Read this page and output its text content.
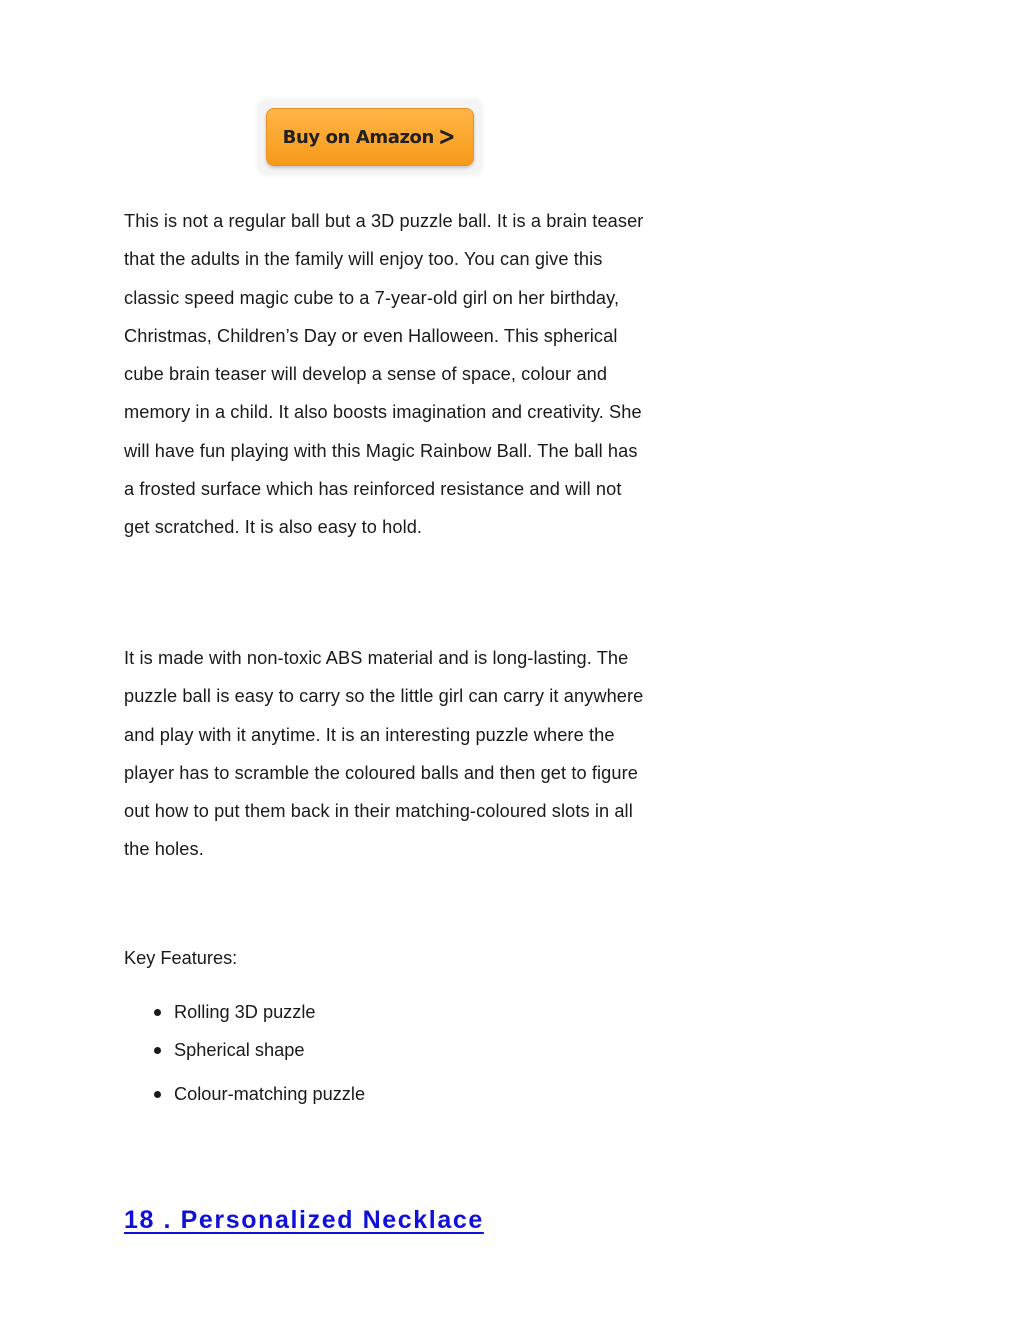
Buy on Amazon >

This is not a regular ball but a 3D puzzle ball. It is a brain teaser that the adults in the family will enjoy too. You can give this classic speed magic cube to a 7-year-old girl on her birthday, Christmas, Children’s Day or even Halloween. This spherical cube brain teaser will develop a sense of space, colour and memory in a child. It also boosts imagination and creativity. She will have fun playing with this Magic Rainbow Ball. The ball has a frosted surface which has reinforced resistance and will not get scratched. It is also easy to hold.

It is made with non-toxic ABS material and is long-lasting. The puzzle ball is easy to carry so the little girl can carry it anywhere and play with it anytime. It is an interesting puzzle where the player has to scramble the coloured balls and then get to figure out how to put them back in their matching-coloured slots in all the holes.

Key Features:

Rolling 3D puzzle
Spherical shape
Colour-matching puzzle
18 . Personalized Necklace
